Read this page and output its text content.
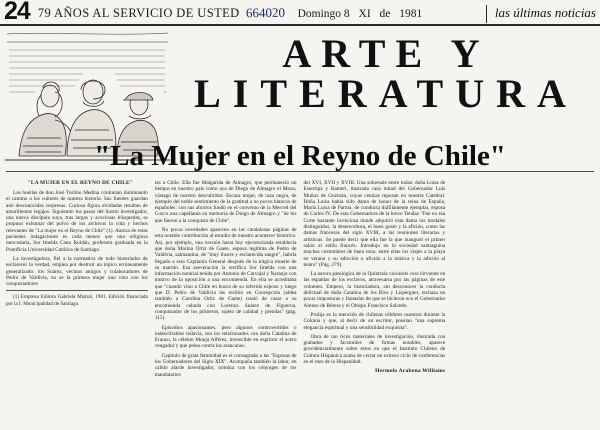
24 79 AÑOS AL SERVICIO DE USTED 664020 Domingo 8 XI de 1981	las últimas noticias
ARTE Y
LITERATURA
"La Mujer en el Reyno de Chile"

"LA MUJER EN EL REYNO DE CHILE"

Las huellas de don José Toribio Medina continúan iluminando el camino a los cultores de nuestra historia. Sus fuentes guardan aún desconocidas sorpresas. Curiosa figura olvidadas resultan de amarillentos legajos. Siguiendo los pasos del ilustre investigador, una nueva discípula suya, tras largas y acuciosas búsquedas, se propuso exhumar del polvo de los archivos la vida y hechos relevantes de "La mujer en el Reyno de Chile" (1). Autora de estas pacientes indagaciones es cada menos que una religiosa mercedaria, Sor Imelda Cano Roldán, profesora graduada en la Pontificia Universidad Católica de Santiago.

La investigadora, fiel a la normativa de todo historiador de esclarecer la verdad, emplea por destruir un tópico erróneamente generalizado: los Suárez, vecinos amigos y colaboradores de Pedro de Valdivia, no se la primera mujer uno vino con los conquistadores

(1) Empresa Editora Gabriela Mistral, 1981. Edición financiada por la I. Municipalidad de Santiago.

las a Chile. Ella fue Malgarida de Almagro, que permaneció un tiempo en nuestro país como aya de Diego de Almagro el Mozo, vástago de nuestro descubridor. Escasa mujer, de raza negra, de ejemplo del noble sentimiento de la gratitud a no pocos blancos de españoles: con sus ahorros fundó en el convento de la Merced del Cuzco una capellanía en memoria de Diego de Almagro y "de los que fueron a la conquista de Chile".

No pocas novedades aparecen en las caudalosas páginas de esta notable contribución al estudio de nuestro acontecer histórico. Así, por ejemplo, una versión hasta hoy ejecutorizada establecía que doña Marina Ortiz de Gaete, esposa legítima de Pedro de Valdivia, salmantina, de "muy ilustre y esclarecida sangre", habría llegado a esta Capitanía General después de la trágica muerte de su marido. Esa aseveración la rectifica Sor Imelda con una información notarial tenida por Antonio de Carvajal y Naranjo con motivo de la oposición a una encomienda. En ella se acreditaba que "cuando vino a Chile en busca de su referido esposo y luego que D. Pedro de Valdivia las recibió en Concepción (aldea también a Carolina Ortiz de Gaete) trasló de casar a su encomienda cabada con Lorenzo Suárez de Figueroa, conquistador de los primeros, sujeto de calidad y prendas" (pág. 115).

Episodios apasionantes, pero algunos controvertidos o indescifrables todavía, son los relacionados con doña Catalina de Erauzo, la célebre Monja Alférez, invencible en esgrimir el acero vengador y que pelea contra los araucanos.

Capítulo de grata feminidad es el consagrado a las "Esposas de los Gobernadores del Siglo XIX". Acompaña también la labor, en cálido alarde investigador, nómina con los cónyuges de los mandatarios

del XVI, XVII y XVIII. Una sobresale entre todas: doña Luisa de Esterripa y Rameri, ilustrada casa mitad del Gobernador Luis Muñoz de Guzmán, cuyas cenizas reposan en nuestra Catedral. Doña Luisa había sido dama de honor de la reina de España, María Luisa de Parma, de conducta diáfilamente ejemplar, esposa de Carlos IV. De esta Gobernadora de la breve Tendaz "Fue en esa Corte bastante licenciosa donde adquirió esta dama los modales distinguidos, la desenvoltura, el buen gusto y la afición, como las damas francesas del siglo XVIII, a las reuniones literarias y artísticas. Se puede decir que ella fue la que inauguró el primer salón al estilo francés. Introdujo en la sociedad santiaguina muchas costumbres de buen tono, entre ellas los viajes a la playa en verano y su adicción o afición a la música y la adición al teatro" (Pág. 279).

La aurora patológica de la Quintrala volcando cera hirviente en las espaldas de los esclavos, atravesarsa por las páginas de este volumen. Empero, la historiadora, sin desconocer la conducta delictual de doña Catalina de los Ríos y Lisperguer, rechaza no pocas imposturas y fantasías de que se hicieron eco el Gobernador Alonso de Ribera y el Obispo Francisco Salcedo.

Prolija es la mención de chilenas célebres nuestras durante la Colonia y que, al decir de un escritor, poseían "una suprema elegancia espiritual y una sensibilidad exquisita".

Obra de tan ricos materiales de investigación, ilustrada con grabados y facsímiles de firmas notables, aparece providencialmente sobre éstos en que el Instituto Chileno de Cultura Hispánica acaba de cerrar un exitoso ciclo de conferencias en el mes de la Hispanidad.

Hermelo Arabena Williams
